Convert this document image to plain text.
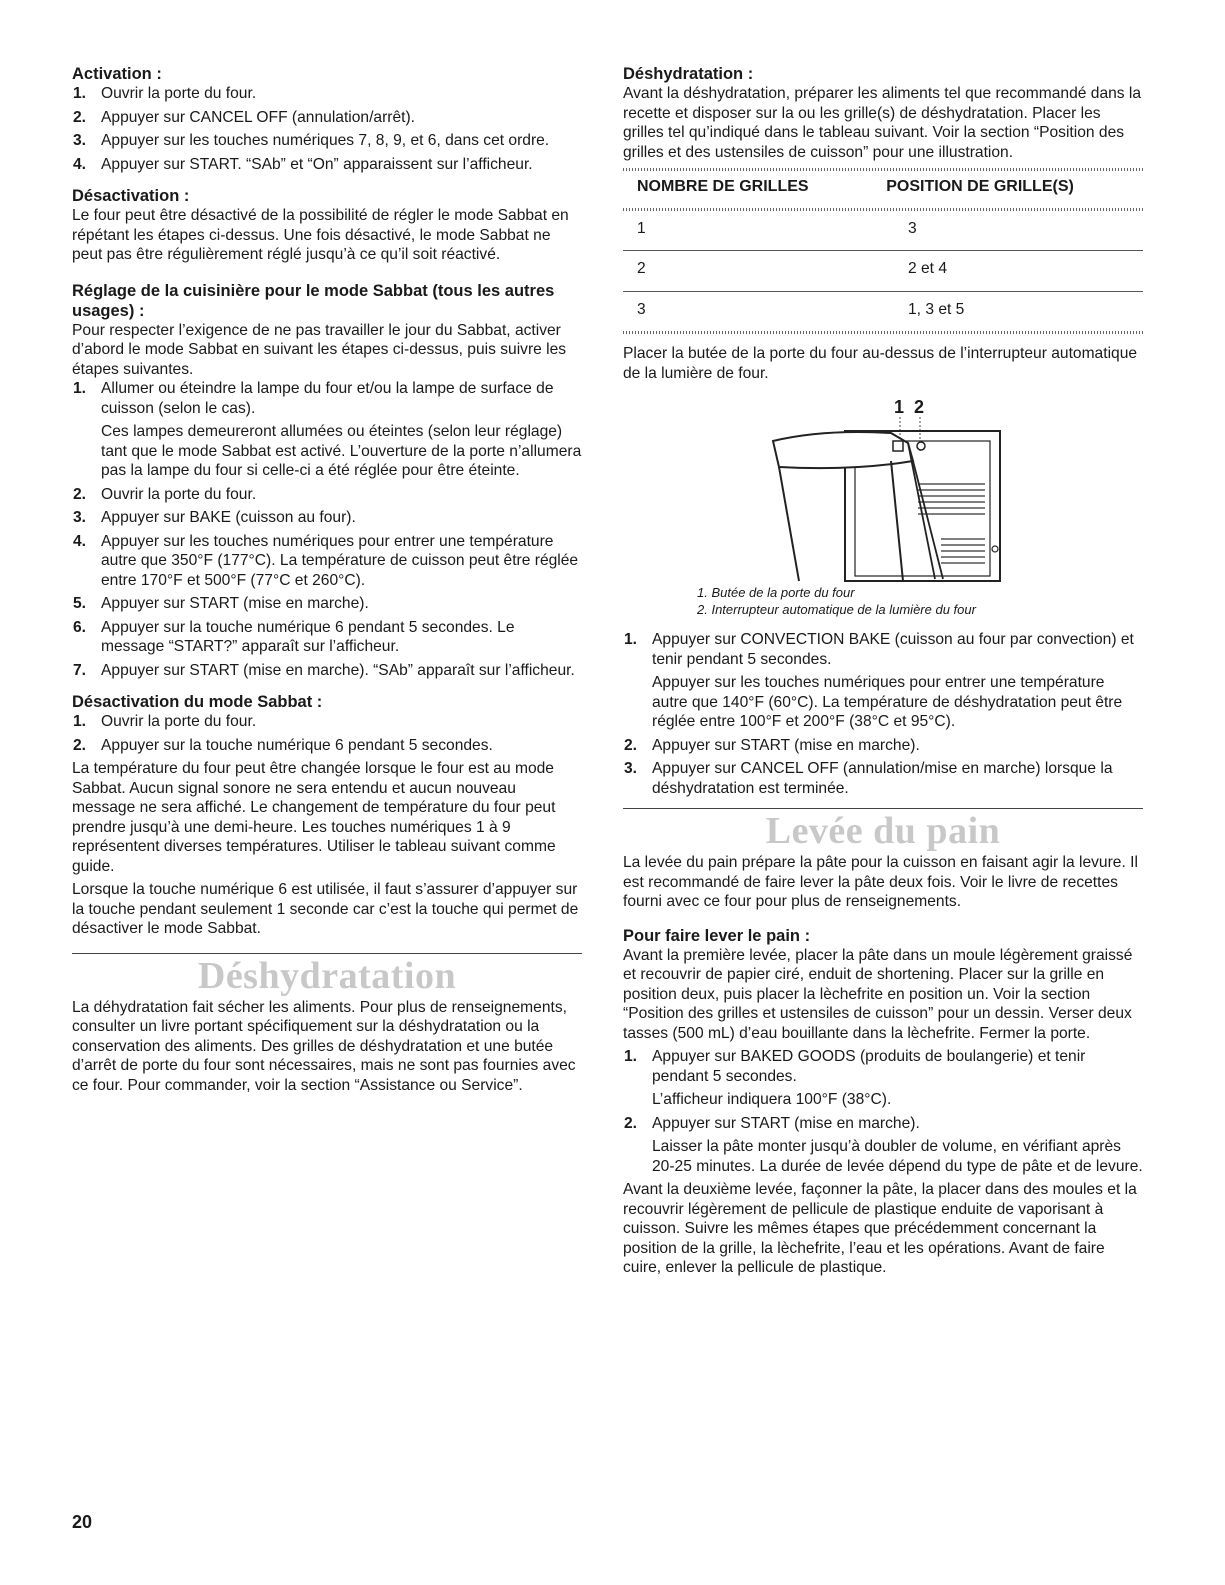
Activation :
1. Ouvrir la porte du four.
2. Appuyer sur CANCEL OFF (annulation/arrêt).
3. Appuyer sur les touches numériques 7, 8, 9, et 6, dans cet ordre.
4. Appuyer sur START. “SAb” et “On” apparaissent sur l’afficheur.
Désactivation :

Le four peut être désactivé de la possibilité de régler le mode Sabbat en répétant les étapes ci-dessus. Une fois désactivé, le mode Sabbat ne peut pas être régulièrement réglé jusqu’à ce qu’il soit réactivé.

Réglage de la cuisinière pour le mode Sabbat (tous les autres usages) :

Pour respecter l’exigence de ne pas travailler le jour du Sabbat, activer d’abord le mode Sabbat en suivant les étapes ci-dessus, puis suivre les étapes suivantes.

1. Allumer ou éteindre la lampe du four et/ou la lampe de surface de cuisson (selon le cas).

Ces lampes demeureront allumées ou éteintes (selon leur réglage) tant que le mode Sabbat est activé. L’ouverture de la porte n’allumera pas la lampe du four si celle-ci a été réglée pour être éteinte.

2. Ouvrir la porte du four.
3. Appuyer sur BAKE (cuisson au four).
4. Appuyer sur les touches numériques pour entrer une température autre que 350°F (177°C). La température de cuisson peut être réglée entre 170°F et 500°F (77°C et 260°C).
5. Appuyer sur START (mise en marche).
6. Appuyer sur la touche numérique 6 pendant 5 secondes. Le message “START?” apparaît sur l’afficheur.
7. Appuyer sur START (mise en marche). “SAb” apparaît sur l’afficheur.
Désactivation du mode Sabbat :
1. Ouvrir la porte du four.
2. Appuyer sur la touche numérique 6 pendant 5 secondes.

La température du four peut être changée lorsque le four est au mode Sabbat. Aucun signal sonore ne sera entendu et aucun nouveau message ne sera affiché. Le changement de température du four peut prendre jusqu’à une demi-heure. Les touches numériques 1 à 9 représentent diverses températures. Utiliser le tableau suivant comme guide.

Lorsque la touche numérique 6 est utilisée, il faut s’assurer d’appuyer sur la touche pendant seulement 1 seconde car c’est la touche qui permet de désactiver le mode Sabbat.

Déshydratation

La déhydratation fait sécher les aliments. Pour plus de renseignements, consulter un livre portant spécifiquement sur la déshydratation ou la conservation des aliments. Des grilles de déshydratation et une butée d’arrêt de porte du four sont nécessaires, mais ne sont pas fournies avec ce four. Pour commander, voir la section “Assistance ou Service”.

Déshydratation :

Avant la déshydratation, préparer les aliments tel que recommandé dans la recette et disposer sur la ou les grille(s) de déshydratation. Placer les grilles tel qu’indiqué dans le tableau suivant. Voir la section “Position des grilles et des ustensiles de cuisson” pour une illustration.

NOMBRE DE GRILLES	POSITION DE GRILLE(S)
1	3
2	2 et 4
3	1, 3 et 5

Placer la butée de la porte du four au-dessus de l’interrupteur automatique de la lumière de four.

1 2

1. Butée de la porte du four

2. Interrupteur automatique de la lumière du four

1. Appuyer sur CONVECTION BAKE (cuisson au four par convection) et tenir pendant 5 secondes.

Appuyer sur les touches numériques pour entrer une température autre que 140°F (60°C). La température de déshydratation peut être réglée entre 100°F et 200°F (38°C et 95°C).

2. Appuyer sur START (mise en marche).
3. Appuyer sur CANCEL OFF (annulation/mise en marche) lorsque la déshydratation est terminée.
Levée du pain

La levée du pain prépare la pâte pour la cuisson en faisant agir la levure. Il est recommandé de faire lever la pâte deux fois. Voir le livre de recettes fourni avec ce four pour plus de renseignements.

Pour faire lever le pain :

Avant la première levée, placer la pâte dans un moule légèrement graissé et recouvrir de papier ciré, enduit de shortening. Placer sur la grille en position deux, puis placer la lèchefrite en position un. Voir la section “Position des grilles et ustensiles de cuisson” pour un dessin. Verser deux tasses (500 mL) d’eau bouillante dans la lèchefrite. Fermer la porte.

1. Appuyer sur BAKED GOODS (produits de boulangerie) et tenir pendant 5 secondes.

L’afficheur indiquera 100°F (38°C).

2. Appuyer sur START (mise en marche).

Laisser la pâte monter jusqu’à doubler de volume, en vérifiant après 20-25 minutes. La durée de levée dépend du type de pâte et de levure.

Avant la deuxième levée, façonner la pâte, la placer dans des moules et la recouvrir légèrement de pellicule de plastique enduite de vaporisant à cuisson. Suivre les mêmes étapes que précédemment concernant la position de la grille, la lèchefrite, l’eau et les opérations. Avant de faire cuire, enlever la pellicule de plastique.

20
